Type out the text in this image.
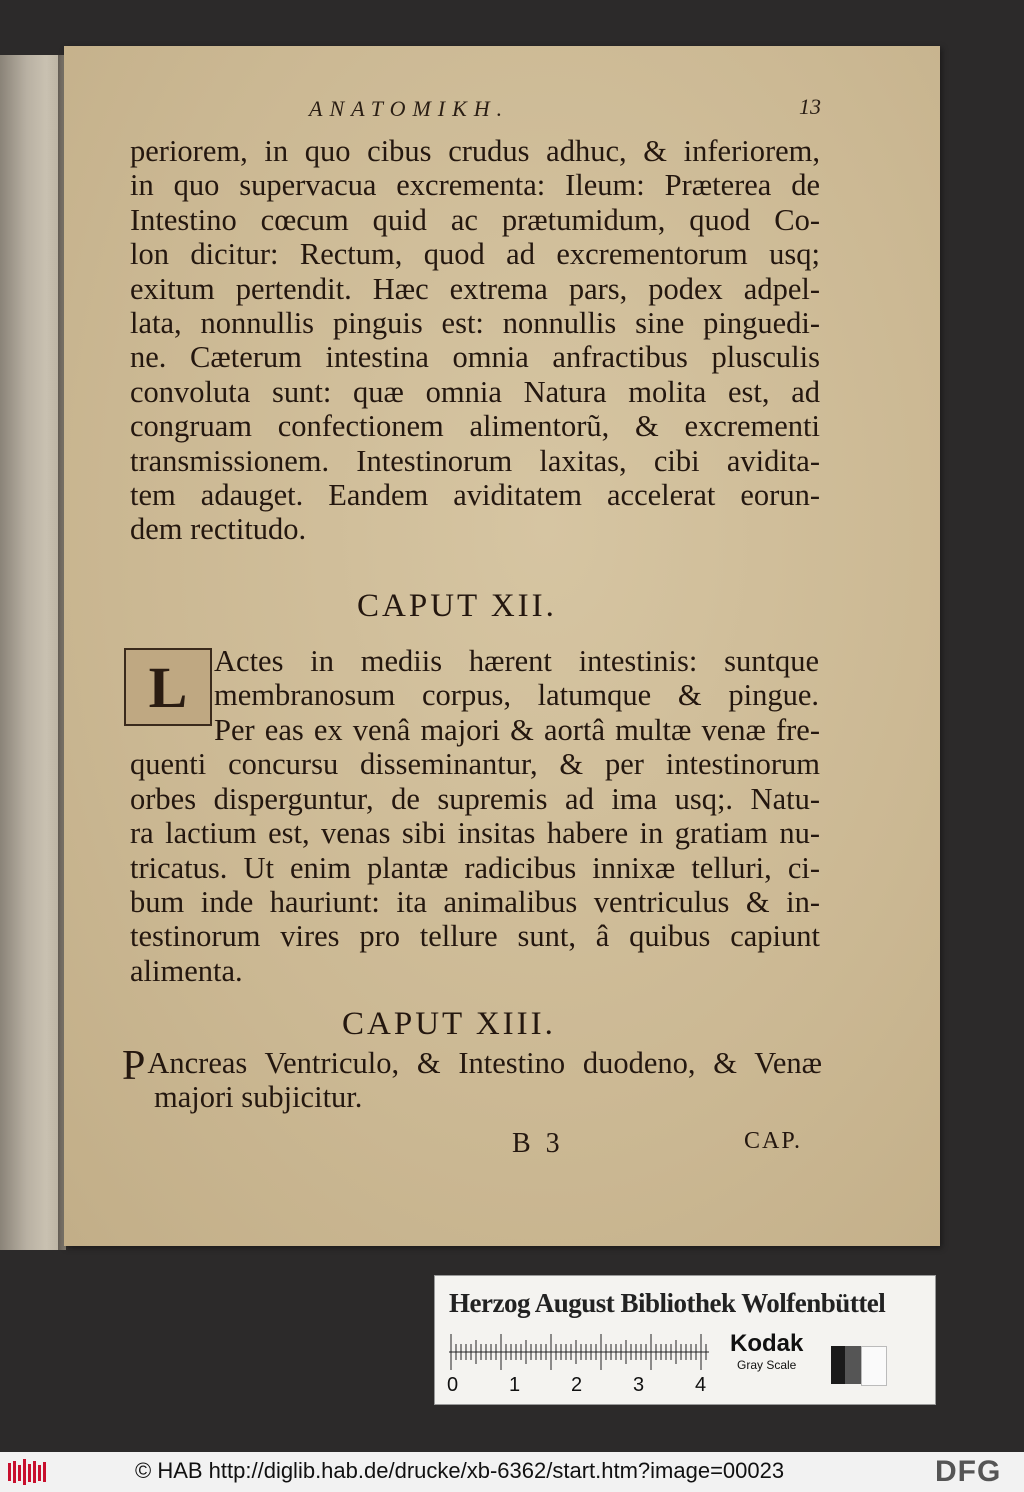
ANATOMIKH.	13
periorem, in quo cibus crudus adhuc, & inferiorem,
in quo supervacua excrementa: Ileum: Præterea de
Intestino cœcum quid ac prætumidum, quod Co-
lon dicitur: Rectum, quod ad excrementorum usq;
exitum pertendit. Hæc extrema pars, podex adpel-
lata, nonnullis pinguis est: nonnullis sine pinguedi-
ne. Cæterum intestina omnia anfractibus plusculis
convoluta sunt: quæ omnia Natura molita est, ad
congruam confectionem alimentorũ, & excrementi
transmissionem. Intestinorum laxitas, cibi avidita-
tem adauget. Eandem aviditatem accelerat eorun-
dem rectitudo.
CAPUT XII.
L Actes in mediis hærent intestinis: suntque
membranosum corpus, latumque & pingue.
Per eas ex venâ majori & aortâ multæ venæ fre-
quenti concursu disseminantur, & per intestinorum
orbes disperguntur, de supremis ad ima usq;. Natu-
ra lactium est, venas sibi insitas habere in gratiam nu-
tricatus. Ut enim plantæ radicibus innixæ telluri, ci-
bum inde hauriunt: ita animalibus ventriculus & in-
testinorum vires pro tellure sunt, â quibus capiunt
alimenta.
CAPUT XIII.
P Ancreas Ventriculo, & Intestino duodeno, & Venæ
majori subjicitur.
B 3	CAP.
Herzog August Bibliothek Wolfenbüttel
0	1	2	3	4
Kodak
Gray Scale
© HAB http://diglib.hab.de/drucke/xb-6362/start.htm?image=00023	DFG
